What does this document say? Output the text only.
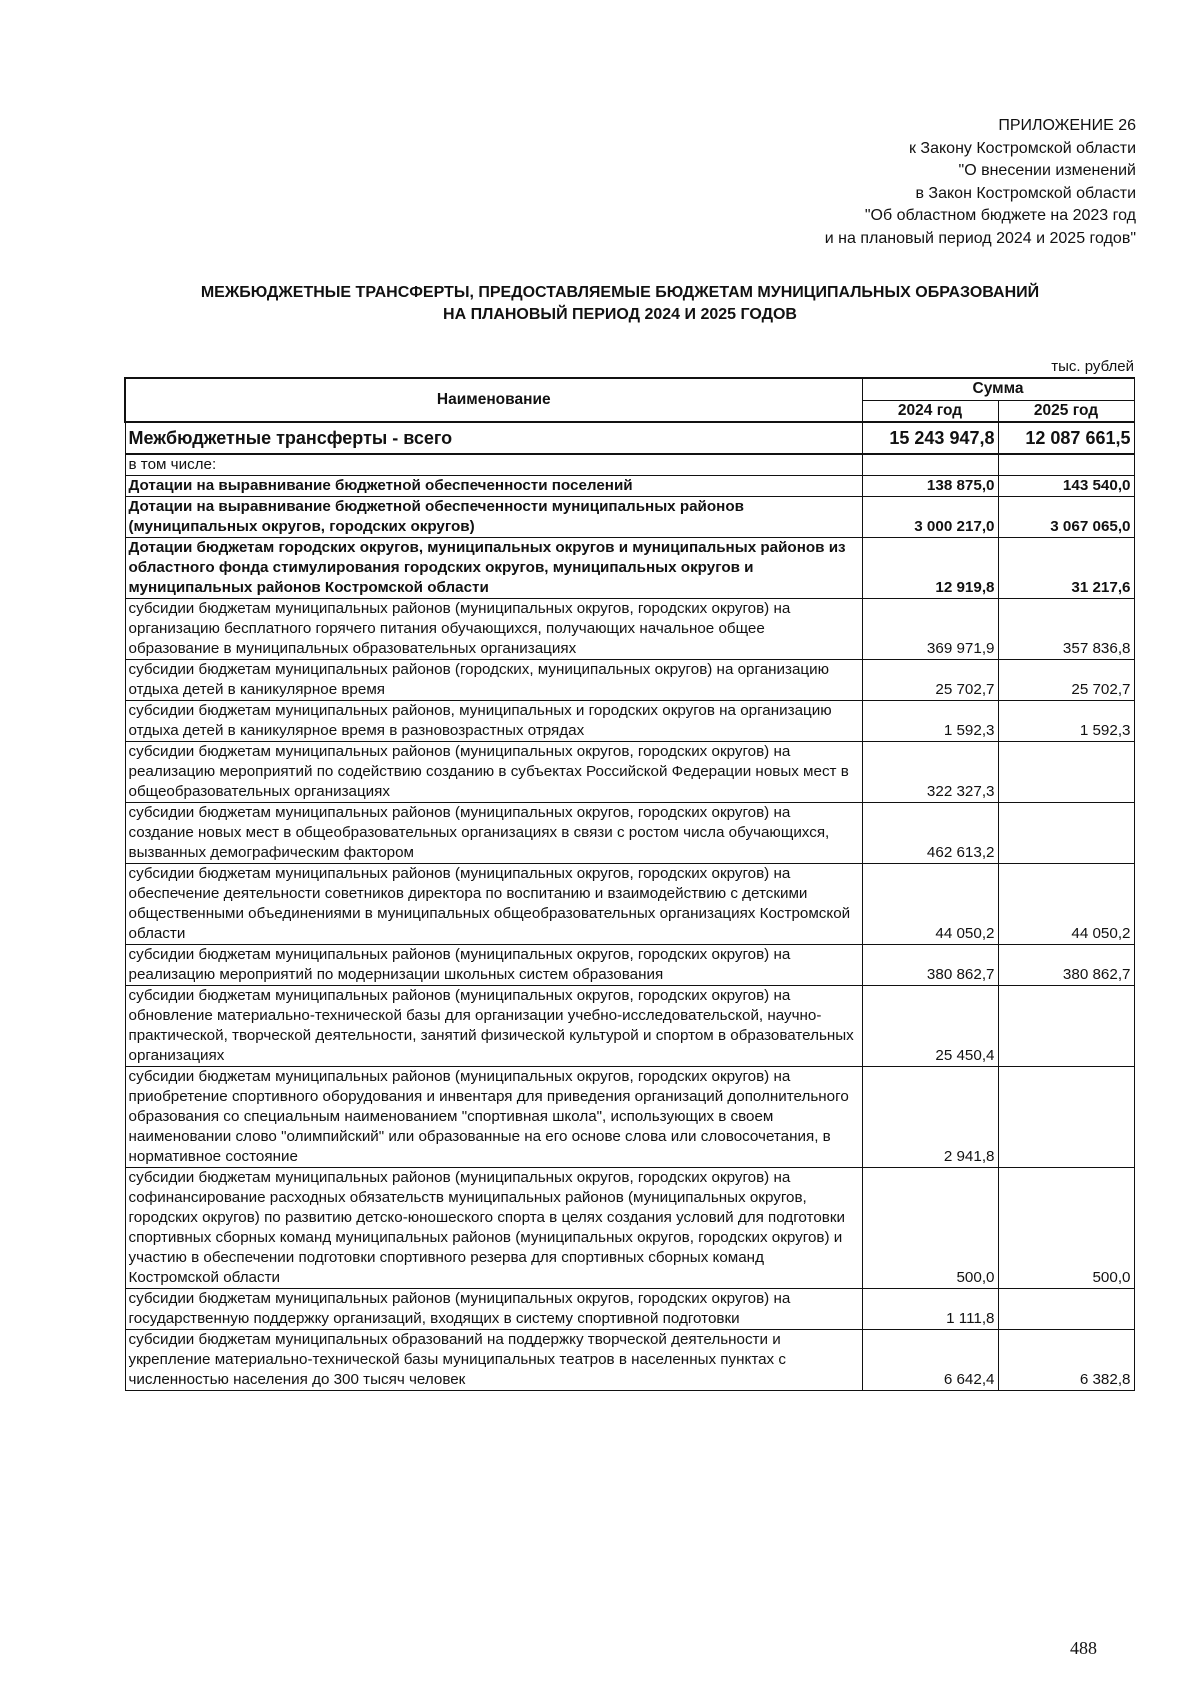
ПРИЛОЖЕНИЕ 26
к Закону Костромской области
"О внесении изменений
в Закон Костромской области
"Об областном бюджете на 2023 год
и на плановый период 2024 и 2025 годов"
МЕЖБЮДЖЕТНЫЕ ТРАНСФЕРТЫ, ПРЕДОСТАВЛЯЕМЫЕ БЮДЖЕТАМ МУНИЦИПАЛЬНЫХ ОБРАЗОВАНИЙ
НА ПЛАНОВЫЙ ПЕРИОД 2024 И 2025 ГОДОВ
тыс. рублей
Наименование	Сумма	
	2024 год	2025 год
Межбюджетные трансферты - всего	15 243 947,8	12 087 661,5
в том числе:		
Дотации на выравнивание бюджетной обеспеченности поселений	138 875,0	143 540,0
Дотации на выравнивание бюджетной обеспеченности муниципальных районов (муниципальных округов, городских округов)	3 000 217,0	3 067 065,0
Дотации бюджетам городских округов, муниципальных округов и муниципальных районов из областного фонда стимулирования городских округов, муниципальных округов и муниципальных районов Костромской области	12 919,8	31 217,6
субсидии бюджетам муниципальных районов (муниципальных округов, городских округов) на организацию бесплатного горячего питания обучающихся, получающих начальное общее образование в муниципальных образовательных организациях	369 971,9	357 836,8
субсидии бюджетам муниципальных районов (городских, муниципальных округов) на организацию отдыха детей в каникулярное время	25 702,7	25 702,7
субсидии бюджетам муниципальных районов, муниципальных и городских округов на организацию отдыха детей в каникулярное время в разновозрастных отрядах	1 592,3	1 592,3
субсидии бюджетам муниципальных районов (муниципальных округов, городских округов) на реализацию мероприятий по содействию созданию в субъектах Российской Федерации новых мест в общеобразовательных организациях	322 327,3	
субсидии бюджетам муниципальных районов (муниципальных округов, городских округов) на создание новых мест в общеобразовательных организациях в связи с ростом числа обучающихся, вызванных демографическим фактором	462 613,2	
субсидии бюджетам муниципальных районов (муниципальных округов, городских округов) на обеспечение деятельности советников директора по воспитанию и взаимодействию с детскими общественными объединениями в муниципальных общеобразовательных организациях Костромской области	44 050,2	44 050,2
субсидии бюджетам муниципальных районов (муниципальных округов, городских округов) на реализацию мероприятий по модернизации школьных систем образования	380 862,7	380 862,7
субсидии бюджетам муниципальных районов (муниципальных округов, городских округов) на обновление материально-технической базы для организации учебно-исследовательской, научно-практической, творческой деятельности, занятий физической культурой и спортом в образовательных организациях	25 450,4	
субсидии бюджетам муниципальных районов (муниципальных округов, городских округов) на приобретение спортивного оборудования и инвентаря для приведения организаций дополнительного образования со специальным наименованием "спортивная школа", использующих в своем наименовании слово "олимпийский" или образованные на его основе слова или словосочетания, в нормативное состояние	2 941,8	
субсидии бюджетам муниципальных районов (муниципальных округов, городских округов) на софинансирование расходных обязательств муниципальных районов (муниципальных округов, городских округов) по развитию детско-юношеского спорта в целях создания условий для подготовки спортивных сборных команд муниципальных районов (муниципальных округов, городских округов) и участию в обеспечении подготовки спортивного резерва для спортивных сборных команд Костромской области	500,0	500,0
субсидии бюджетам муниципальных районов (муниципальных округов, городских округов) на государственную поддержку организаций, входящих в систему спортивной подготовки	1 111,8	
субсидии бюджетам муниципальных образований на поддержку творческой деятельности и укрепление материально-технической базы муниципальных театров в населенных пунктах с численностью населения до 300 тысяч человек	6 642,4	6 382,8
488
